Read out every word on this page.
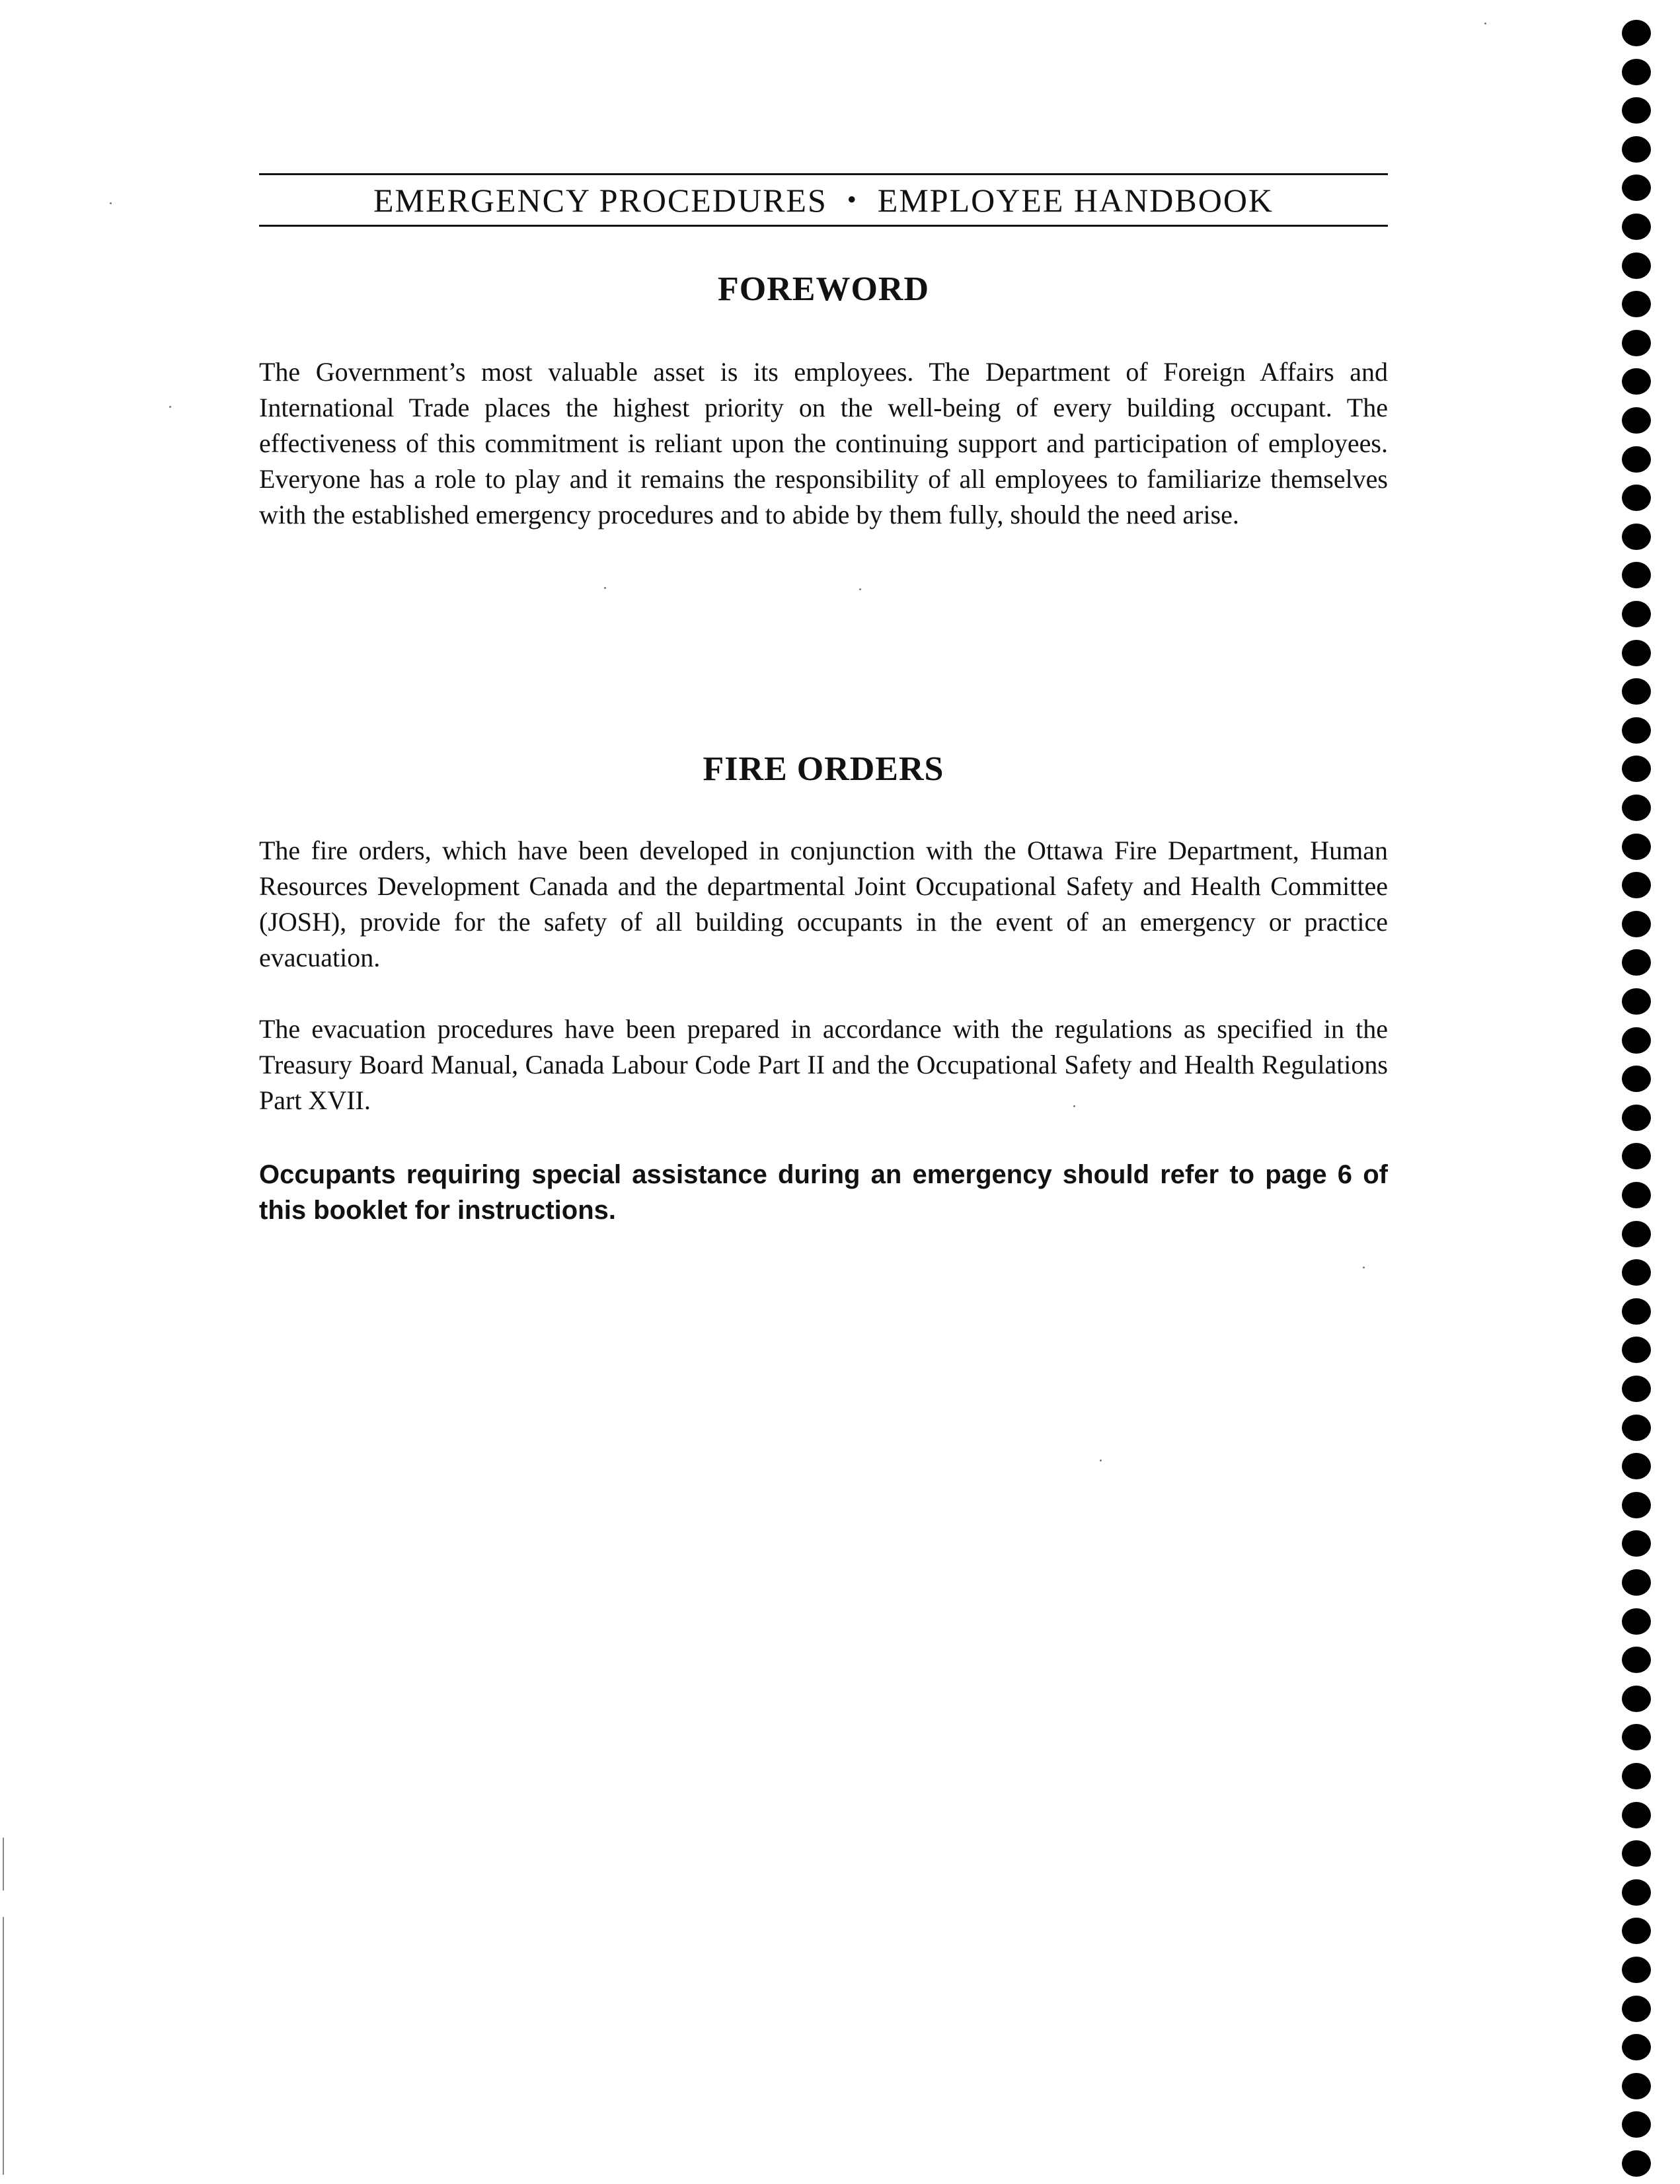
EMERGENCY PROCEDURES • EMPLOYEE HANDBOOK
FOREWORD
The Government’s most valuable asset is its employees. The Department of Foreign Affairs and International Trade places the highest priority on the well-being of every building occupant. The effectiveness of this commitment is reliant upon the continuing support and participation of employees. Everyone has a role to play and it remains the responsibility of all employees to familiarize themselves with the established emergency procedures and to abide by them fully, should the need arise.
FIRE ORDERS
The fire orders, which have been developed in conjunction with the Ottawa Fire Department, Human Resources Development Canada and the departmental Joint Occupational Safety and Health Committee (JOSH), provide for the safety of all building occupants in the event of an emergency or practice evacuation.
The evacuation procedures have been prepared in accordance with the regulations as specified in the Treasury Board Manual, Canada Labour Code Part II and the Occupational Safety and Health Regulations Part XVII.
Occupants requiring special assistance during an emergency should refer to page 6 of this booklet for instructions.
